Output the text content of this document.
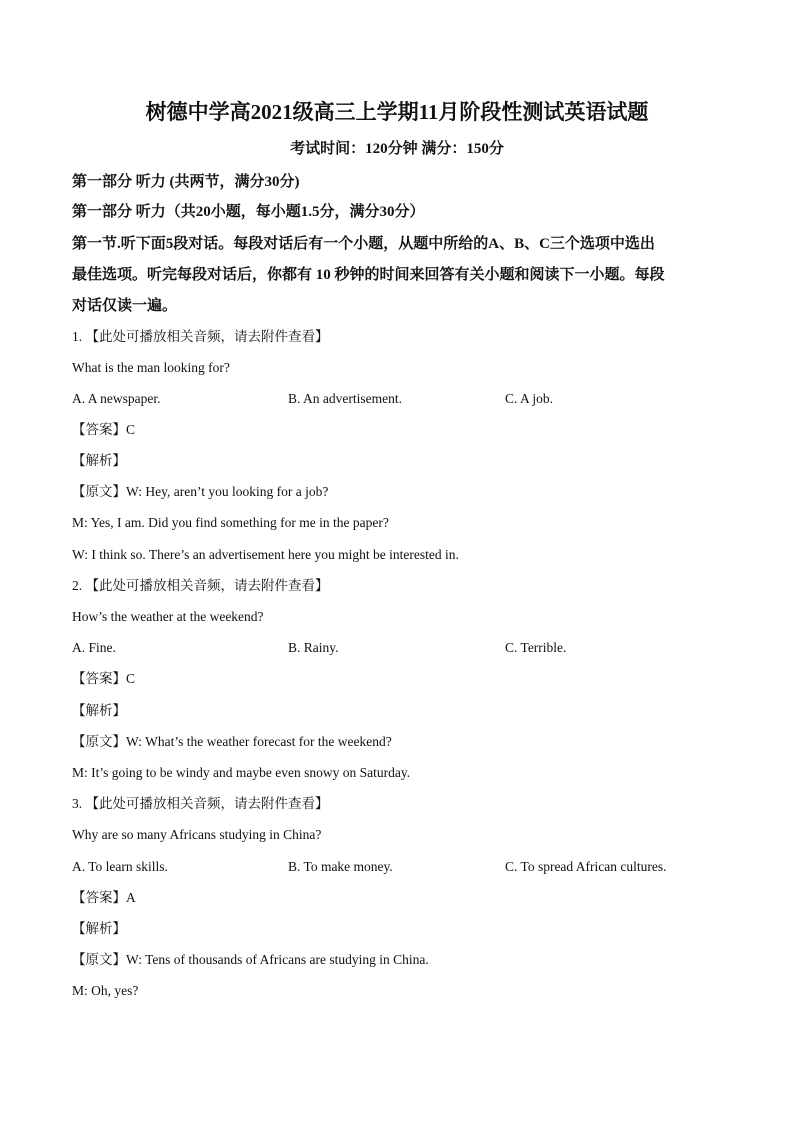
树德中学高2021级高三上学期11月阶段性测试英语试题
考试时间：120分钟 满分：150分
第一部分 听力 (共两节，满分30分)
第一部分 听力（共20小题，每小题1.5分，满分30分）
第一节.听下面5段对话。每段对话后有一个小题，从题中所给的A、B、C三个选项中选出
最佳选项。听完每段对话后，你都有 10 秒钟的时间来回答有关小题和阅读下一小题。每段
对话仅读一遍。
1. 【此处可播放相关音频，请去附件查看】
What is the man looking for?
A. A newspaper.	B. An advertisement.	C. A job.
【答案】C
【解析】
【原文】W: Hey, aren’t you looking for a job?
M: Yes, I am. Did you find something for me in the paper?
W: I think so. There’s an advertisement here you might be interested in.
2. 【此处可播放相关音频，请去附件查看】
How’s the weather at the weekend?
A. Fine.	B. Rainy.	C. Terrible.
【答案】C
【解析】
【原文】W: What’s the weather forecast for the weekend?
M: It’s going to be windy and maybe even snowy on Saturday.
3. 【此处可播放相关音频，请去附件查看】
Why are so many Africans studying in China?
A. To learn skills.	B. To make money.	C. To spread African cultures.
【答案】A
【解析】
【原文】W: Tens of thousands of Africans are studying in China.
M: Oh, yes?
